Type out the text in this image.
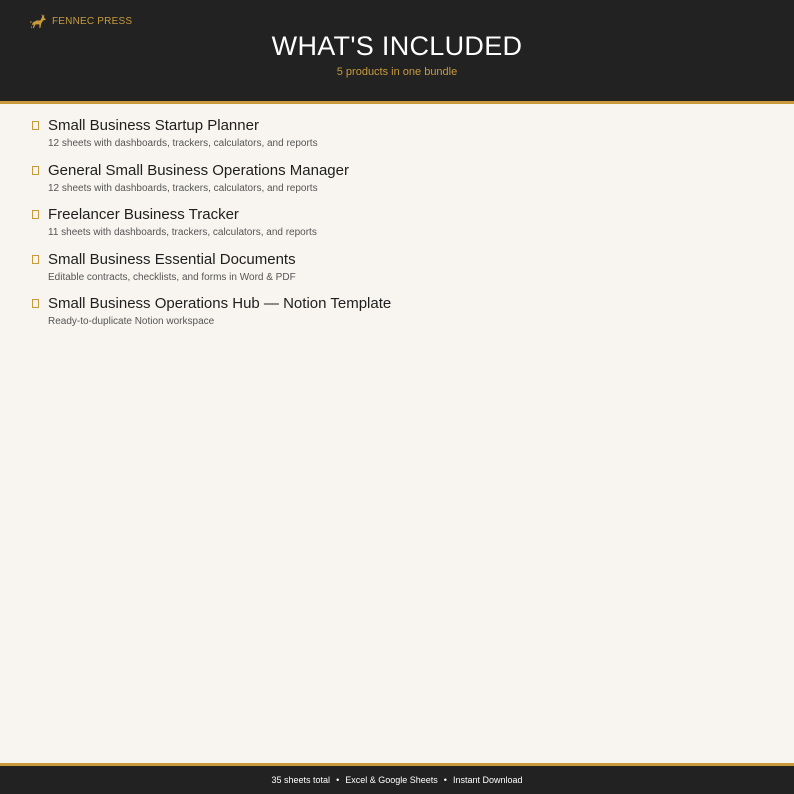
FENNEC PRESS
WHAT'S INCLUDED
5 products in one bundle
Small Business Startup Planner
12 sheets with dashboards, trackers, calculators, and reports
General Small Business Operations Manager
12 sheets with dashboards, trackers, calculators, and reports
Freelancer Business Tracker
11 sheets with dashboards, trackers, calculators, and reports
Small Business Essential Documents
Editable contracts, checklists, and forms in Word & PDF
Small Business Operations Hub — Notion Template
Ready-to-duplicate Notion workspace
35 sheets total • Excel & Google Sheets • Instant Download
